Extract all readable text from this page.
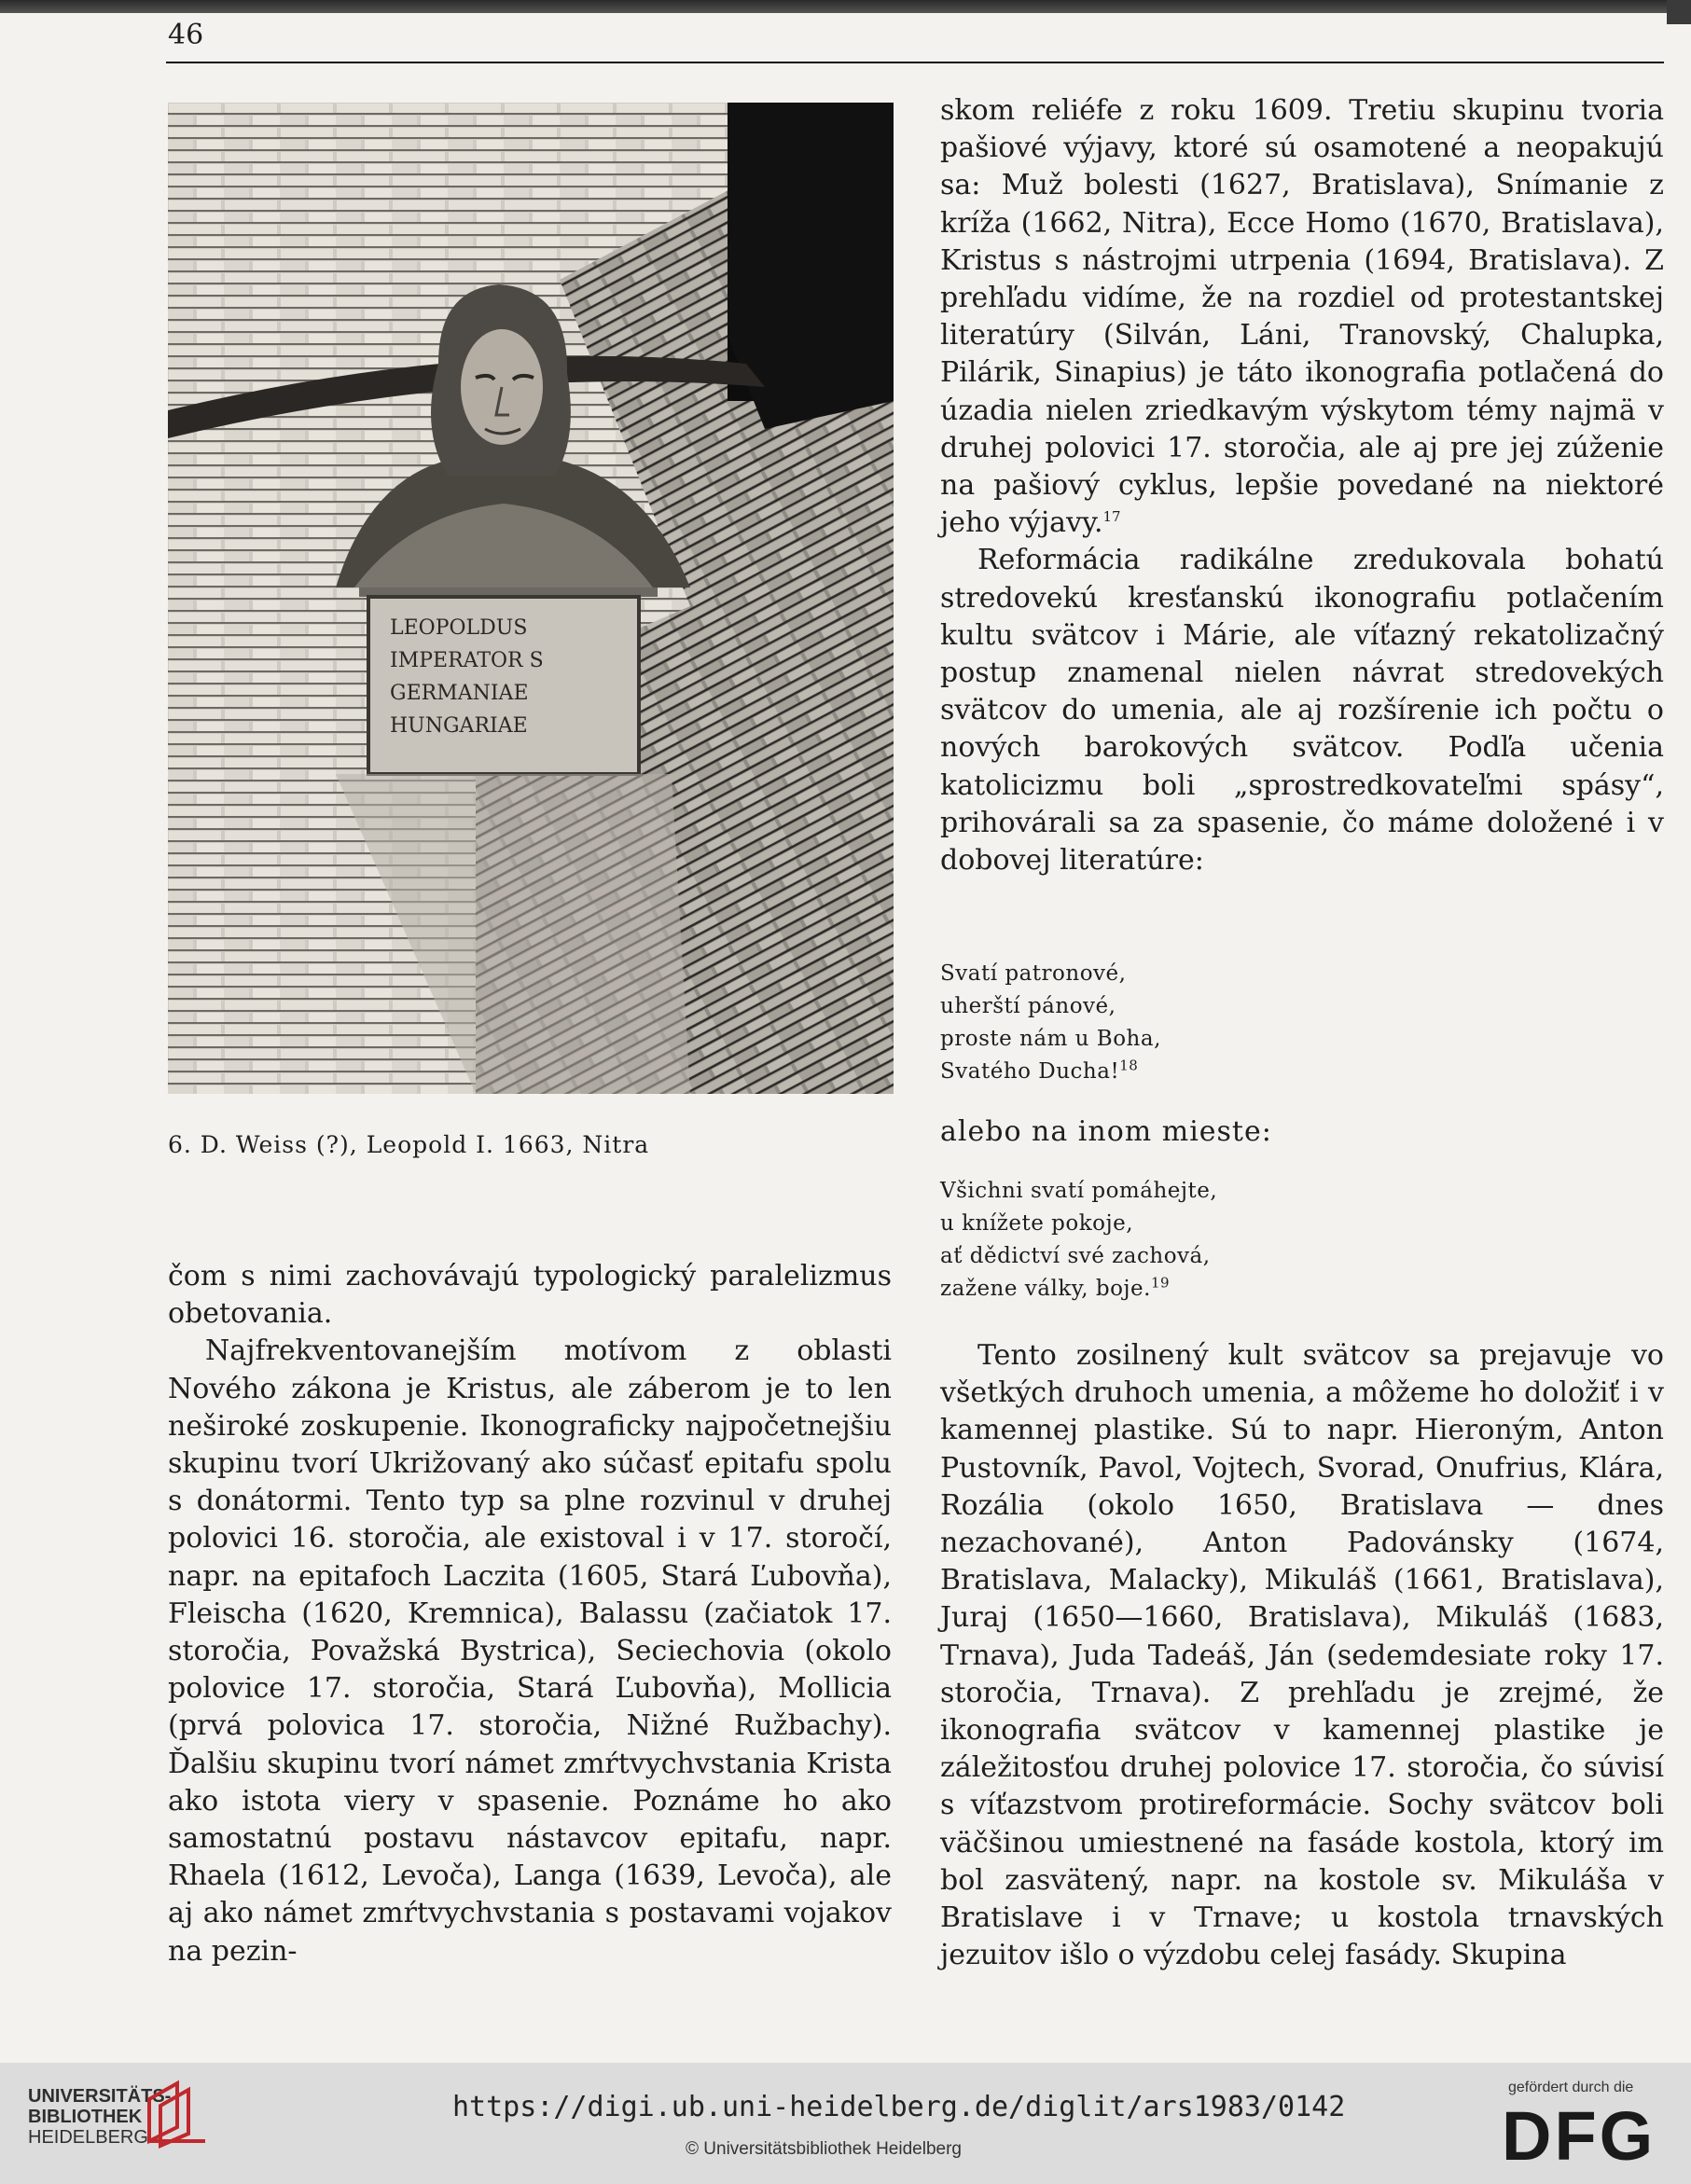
46
LEOPOLDUS
IMPERATOR S
GERMANIAE
HUNGARIAE
6. D. Weiss (?), Leopold I. 1663, Nitra

čom s nimi zachovávajú typologický paralelizmus obetovania.

Najfrekventovanejším motívom z oblasti Nového zákona je Kristus, ale záberom je to len neširoké zoskupenie. Ikonograficky najpočetnejšiu skupinu tvorí Ukrižovaný ako súčasť epitafu spolu s donátormi. Tento typ sa plne rozvinul v druhej polovici 16. storočia, ale existoval i v 17. storočí, napr. na epitafoch Laczita (1605, Stará Ľubovňa), Fleischa (1620, Kremnica), Balassu (začiatok 17. storočia, Považská Bystrica), Seciechovia (okolo polovice 17. storočia, Stará Ľubovňa), Mollicia (prvá polovica 17. storočia, Nižné Ružbachy). Ďalšiu skupinu tvorí námet zmŕtvychvstania Krista ako istota viery v spasenie. Poznáme ho ako samostatnú postavu nástavcov epitafu, napr. Rhaela (1612, Levoča), Langa (1639, Levoča), ale aj ako námet zmŕtvychvstania s postavami vojakov na pezin-

skom reliéfe z roku 1609. Tretiu skupinu tvoria pašiové výjavy, ktoré sú osamotené a neopakujú sa: Muž bolesti (1627, Bratislava), Snímanie z kríža (1662, Nitra), Ecce Homo (1670, Bratislava), Kristus s nástrojmi utrpenia (1694, Bratislava). Z prehľadu vidíme, že na rozdiel od protestantskej literatúry (Silván, Láni, Tranovský, Chalupka, Pilárik, Sinapius) je táto ikonografia potlačená do úzadia nielen zriedkavým výskytom témy najmä v druhej polovici 17. storočia, ale aj pre jej zúženie na pašiový cyklus, lepšie povedané na niektoré jeho výjavy.$^{17}$

Reformácia radikálne zredukovala bohatú stredovekú kresťanskú ikonografiu potlačením kultu svätcov i Márie, ale víťazný rekatolizačný postup znamenal nielen návrat stredovekých svätcov do umenia, ale aj rozšírenie ich počtu o nových barokových svätcov. Podľa učenia katolicizmu boli „sprostredkovateľmi spásy“, prihovárali sa za spasenie, čo máme doložené i v dobovej literatúre:

Svatí patronové,
uherští pánové,
proste nám u Boha,
Svatého Ducha!$^{18}$
alebo na inom mieste:
Všichni svatí pomáhejte,
u knížete pokoje,
ať dědictví své zachová,
zažene války, boje.$^{19}$

Tento zosilnený kult svätcov sa prejavuje vo všetkých druhoch umenia, a môžeme ho doložiť i v kamennej plastike. Sú to napr. Hieroným, Anton Pustovník, Pavol, Vojtech, Svorad, Onufrius, Klára, Rozália (okolo 1650, Bratislava — dnes nezachované), Anton Padovánsky (1674, Bratislava, Malacky), Mikuláš (1661, Bratislava), Juraj (1650—1660, Bratislava), Mikuláš (1683, Trnava), Juda Tadeáš, Ján (sedemdesiate roky 17. storočia, Trnava). Z prehľadu je zrejmé, že ikonografia svätcov v kamennej plastike je záležitosťou druhej polovice 17. storočia, čo súvisí s víťazstvom protireformácie. Sochy svätcov boli väčšinou umiestnené na fasáde kostola, ktorý im bol zasvätený, napr. na kostole sv. Mikuláša v Bratislave i v Trnave; u kostola trnavských jezuitov išlo o výzdobu celej fasády. Skupina

UNIVERSITÄTS-
BIBLIOTHEK
HEIDELBERG
https://digi.ub.uni-heidelberg.de/diglit/ars1983/0142
© Universitätsbibliothek Heidelberg
gefördert durch die
DFG
